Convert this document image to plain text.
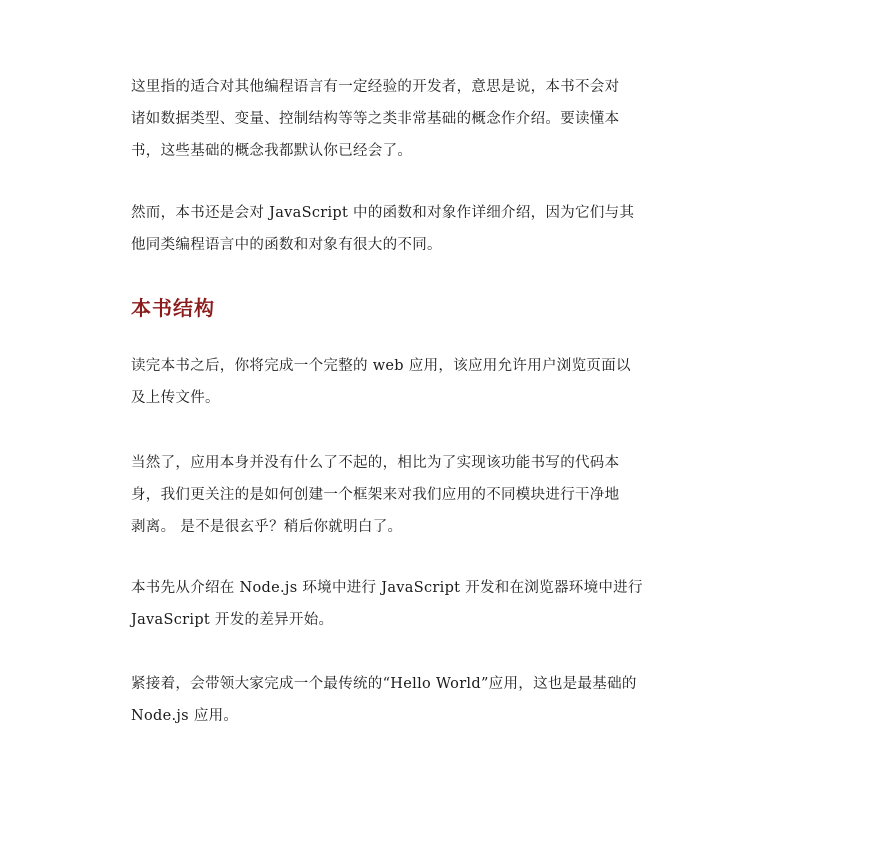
这里指的适合对其他编程语言有一定经验的开发者，意思是说，本书不会对
诸如数据类型、变量、控制结构等等之类非常基础的概念作介绍。要读懂本
书，这些基础的概念我都默认你已经会了。

然而，本书还是会对 JavaScript 中的函数和对象作详细介绍，因为它们与其
他同类编程语言中的函数和对象有很大的不同。

本书结构

读完本书之后，你将完成一个完整的 web 应用，该应用允许用户浏览页面以
及上传文件。

当然了，应用本身并没有什么了不起的，相比为了实现该功能书写的代码本
身，我们更关注的是如何创建一个框架来对我们应用的不同模块进行干净地
剥离。 是不是很玄乎？稍后你就明白了。

本书先从介绍在 Node.js 环境中进行 JavaScript 开发和在浏览器环境中进行
JavaScript 开发的差异开始。

紧接着，会带领大家完成一个最传统的“Hello World”应用，这也是最基础的
Node.js 应用。
